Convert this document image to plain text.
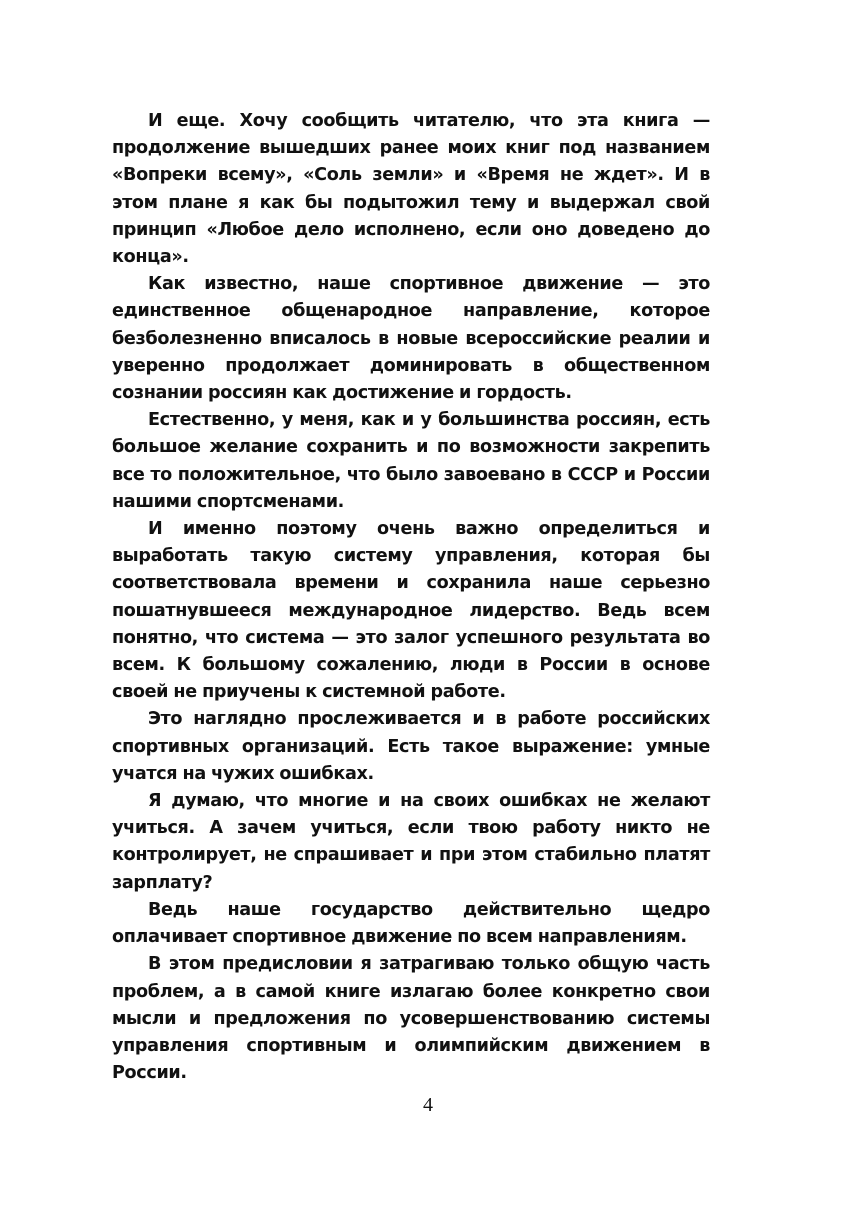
И еще. Хочу сообщить читателю, что эта книга — продолжение вышедших ранее моих книг под названием «Вопреки всему», «Соль земли» и «Время не ждет». И в этом плане я как бы подытожил тему и выдержал свой принцип «Любое дело исполнено, если оно доведено до конца».

Как известно, наше спортивное движение — это единственное общенародное направление, которое безболезненно вписалось в новые всероссийские реалии и уверенно продолжает доминировать в общественном сознании россиян как достижение и гордость.

Естественно, у меня, как и у большинства россиян, есть большое желание сохранить и по возможности закрепить все то положительное, что было завоевано в СССР и России нашими спортсменами.

И именно поэтому очень важно определиться и выработать такую систему управления, которая бы соответствовала времени и сохранила наше серьезно пошатнувшееся международное лидерство. Ведь всем понятно, что система — это залог успешного результата во всем. К большому сожалению, люди в России в основе своей не приучены к системной работе.

Это наглядно прослеживается и в работе российских спортивных организаций. Есть такое выражение: умные учатся на чужих ошибках.

Я думаю, что многие и на своих ошибках не желают учиться. А зачем учиться, если твою работу никто не контролирует, не спрашивает и при этом стабильно платят зарплату?

Ведь наше государство действительно щедро оплачивает спортивное движение по всем направлениям.

В этом предисловии я затрагиваю только общую часть проблем, а в самой книге излагаю более конкретно свои мысли и предложения по усовершенствованию системы управления спортивным и олимпийским движением в России.

4
